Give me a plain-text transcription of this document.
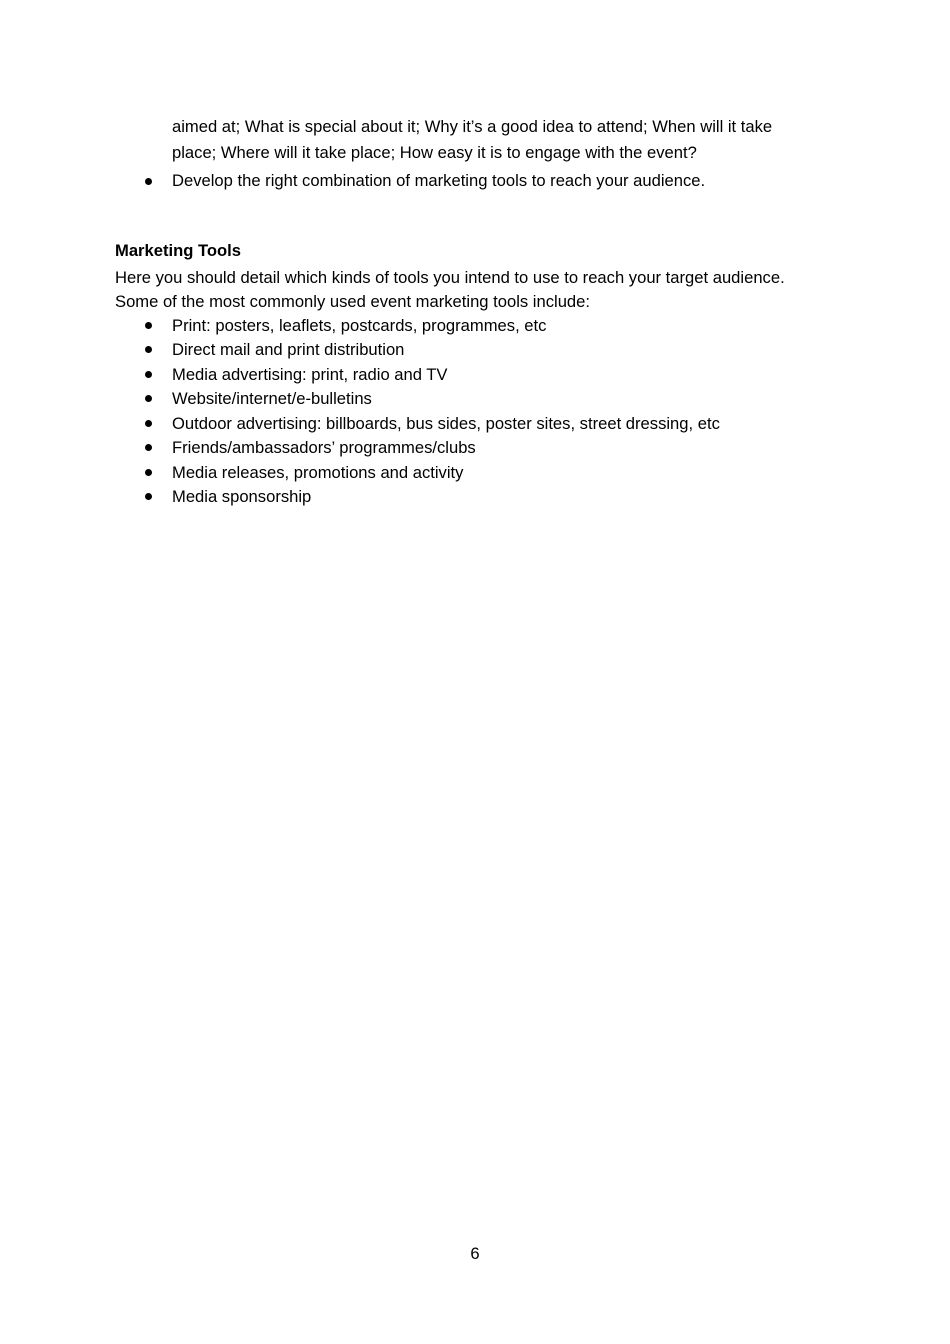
aimed at; What is special about it; Why it’s a good idea to attend; When will it take
place; Where will it take place; How easy it is to engage with the event?
Develop the right combination of marketing tools to reach your audience.
Marketing Tools
Here you should detail which kinds of tools you intend to use to reach your target audience.
Some of the most commonly used event marketing tools include:
Print: posters, leaflets, postcards, programmes, etc
Direct mail and print distribution
Media advertising: print, radio and TV
Website/internet/e-bulletins
Outdoor advertising: billboards, bus sides, poster sites, street dressing, etc
Friends/ambassadors’ programmes/clubs
Media releases, promotions and activity
Media sponsorship
6
